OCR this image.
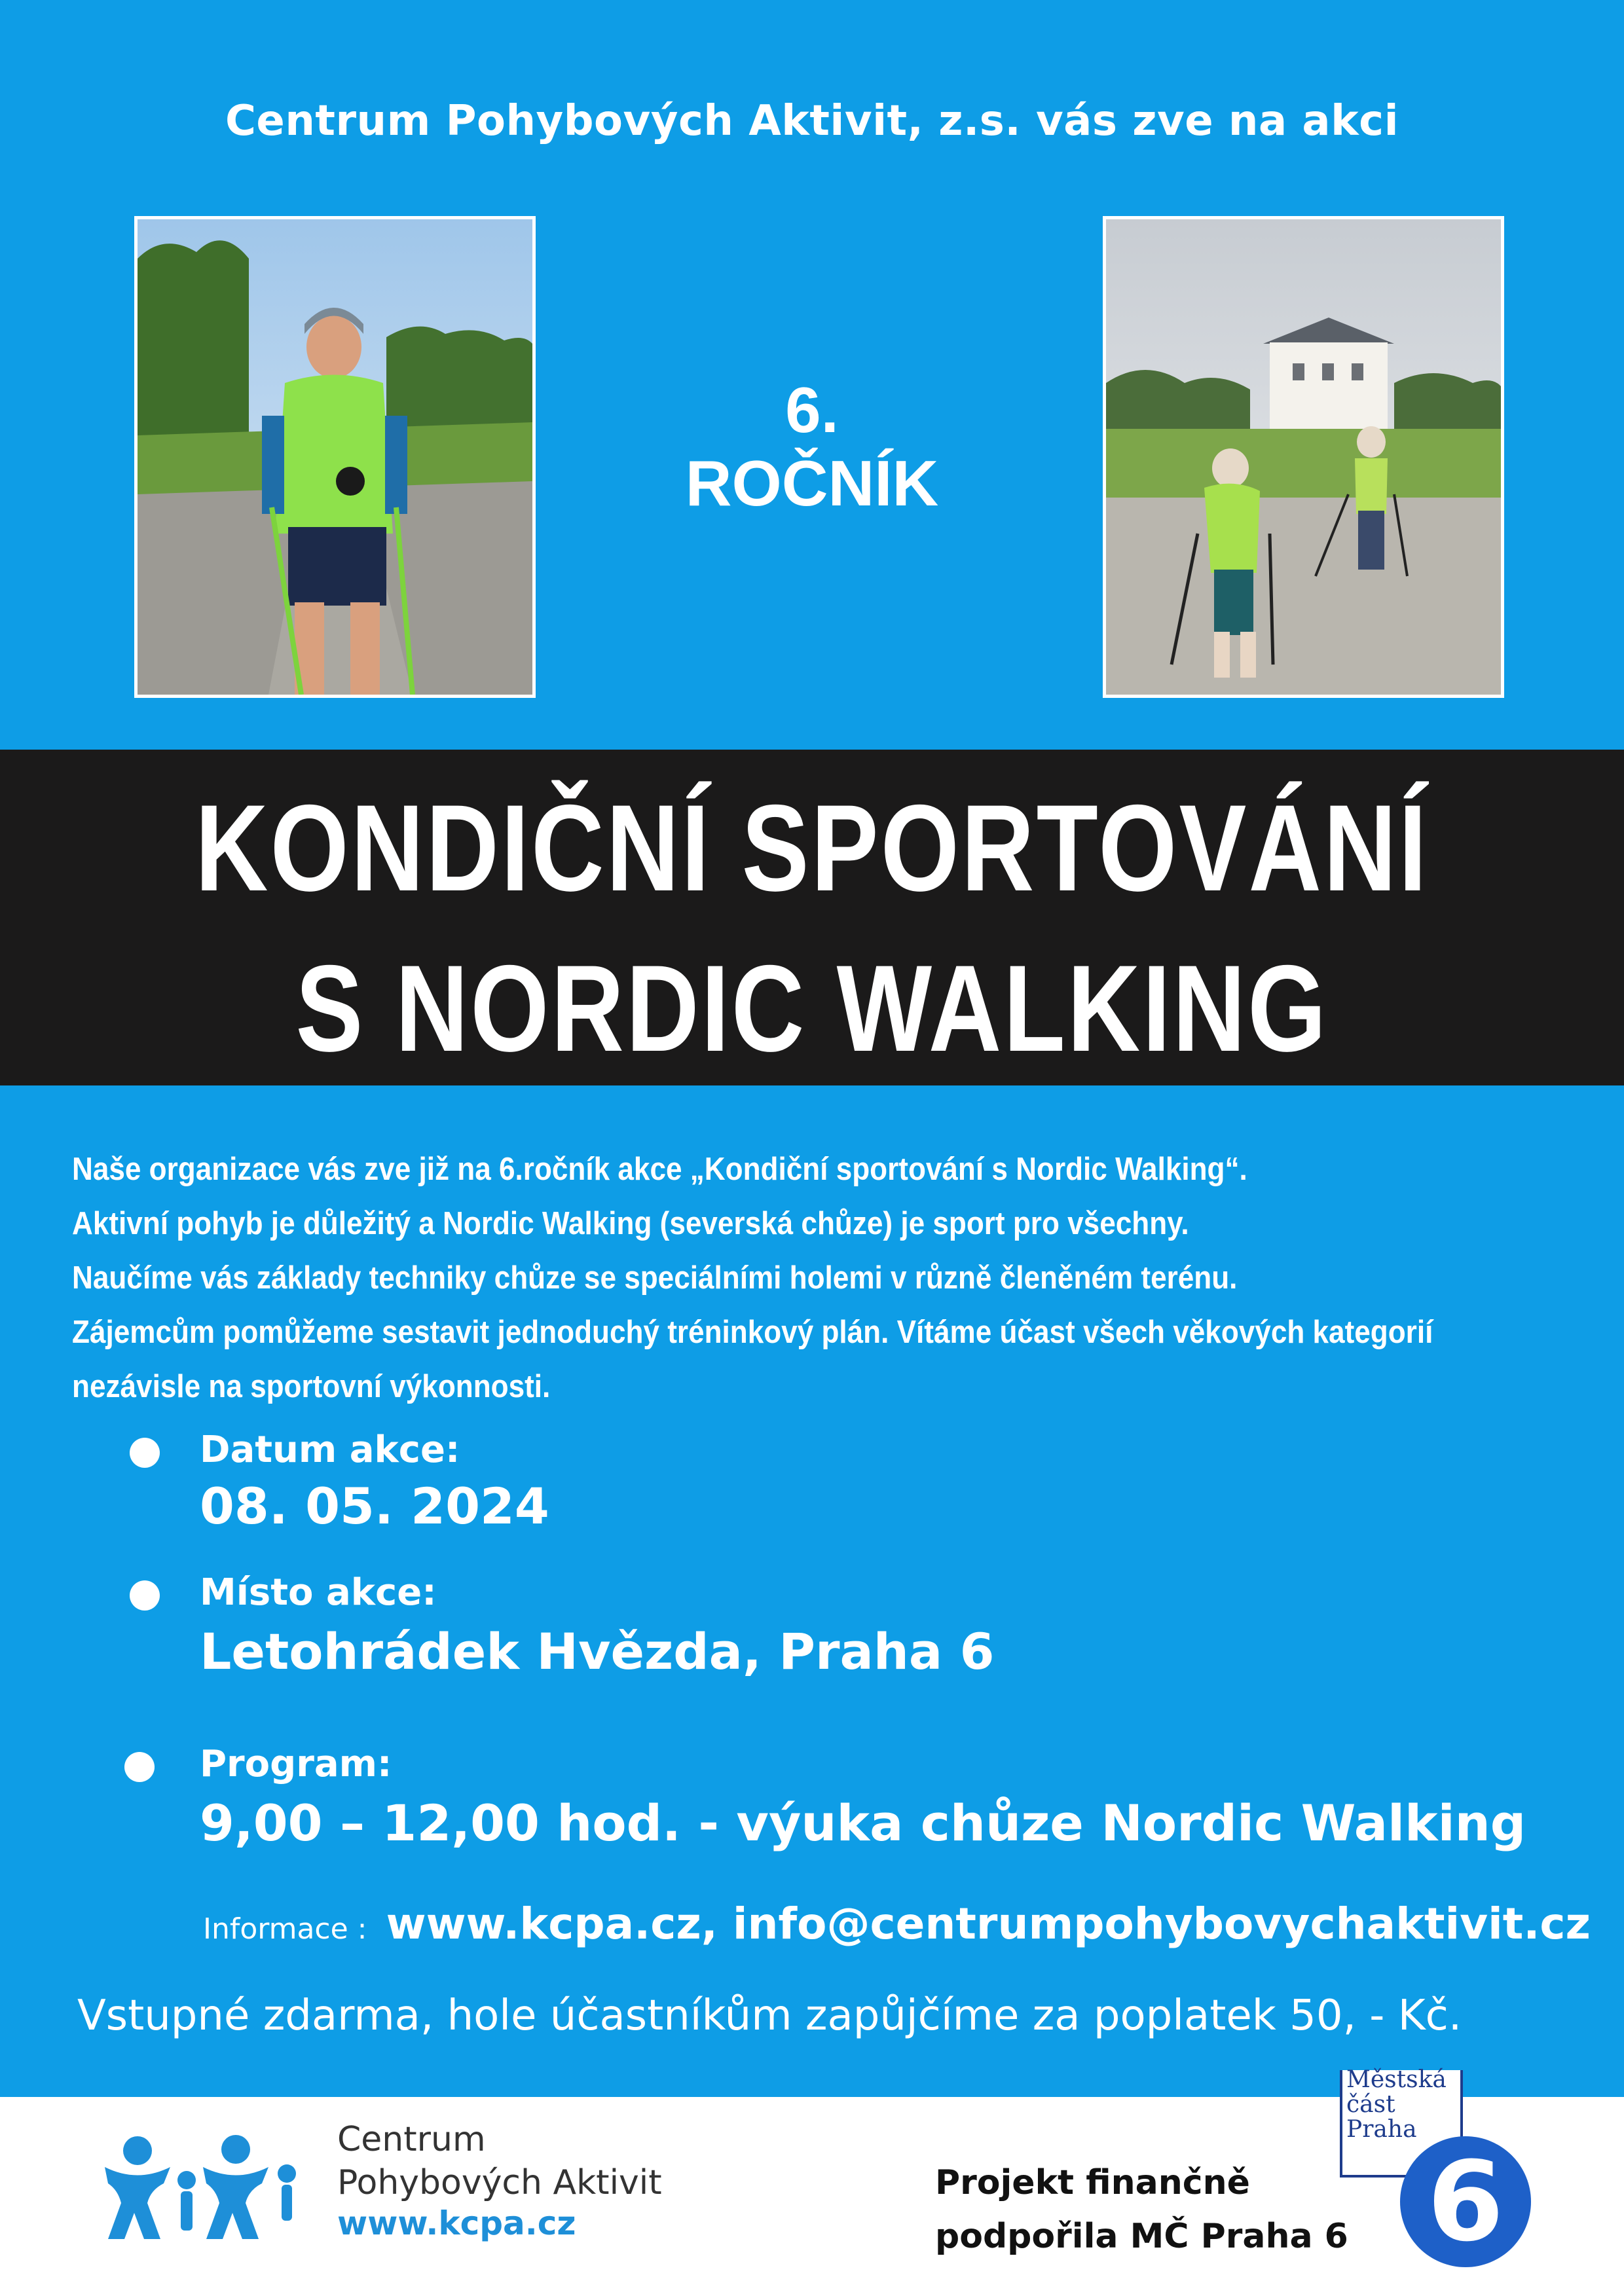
Centrum Pohybových Aktivit, z.s. vás zve na akci
6.
ROČNÍK
KONDIČNÍ SPORTOVÁNÍ
S NORDIC WALKING
Naše organizace vás zve již na 6.ročník akce „Kondiční sportování s Nordic Walking“.
Aktivní pohyb je důležitý a Nordic Walking (severská chůze) je sport pro všechny.
Naučíme vás základy techniky chůze se speciálními holemi v různě členěném terénu.
Zájemcům pomůžeme sestavit jednoduchý tréninkový plán. Vítáme účast všech věkových kategorií
nezávisle na sportovní výkonnosti.
Datum akce:
08. 05. 2024
Místo akce:
Letohrádek Hvězda, Praha 6
Program:
9,00 – 12,00 hod. - výuka chůze Nordic Walking
Informace : www.kcpa.cz, info@centrumpohybovychaktivit.cz
Vstupné zdarma, hole účastníkům zapůjčíme za poplatek 50, - Kč.
Centrum
Pohybových Aktivit
www.kcpa.cz
Projekt finančně
podpořila MČ Praha 6
Městská
část
Praha
6
